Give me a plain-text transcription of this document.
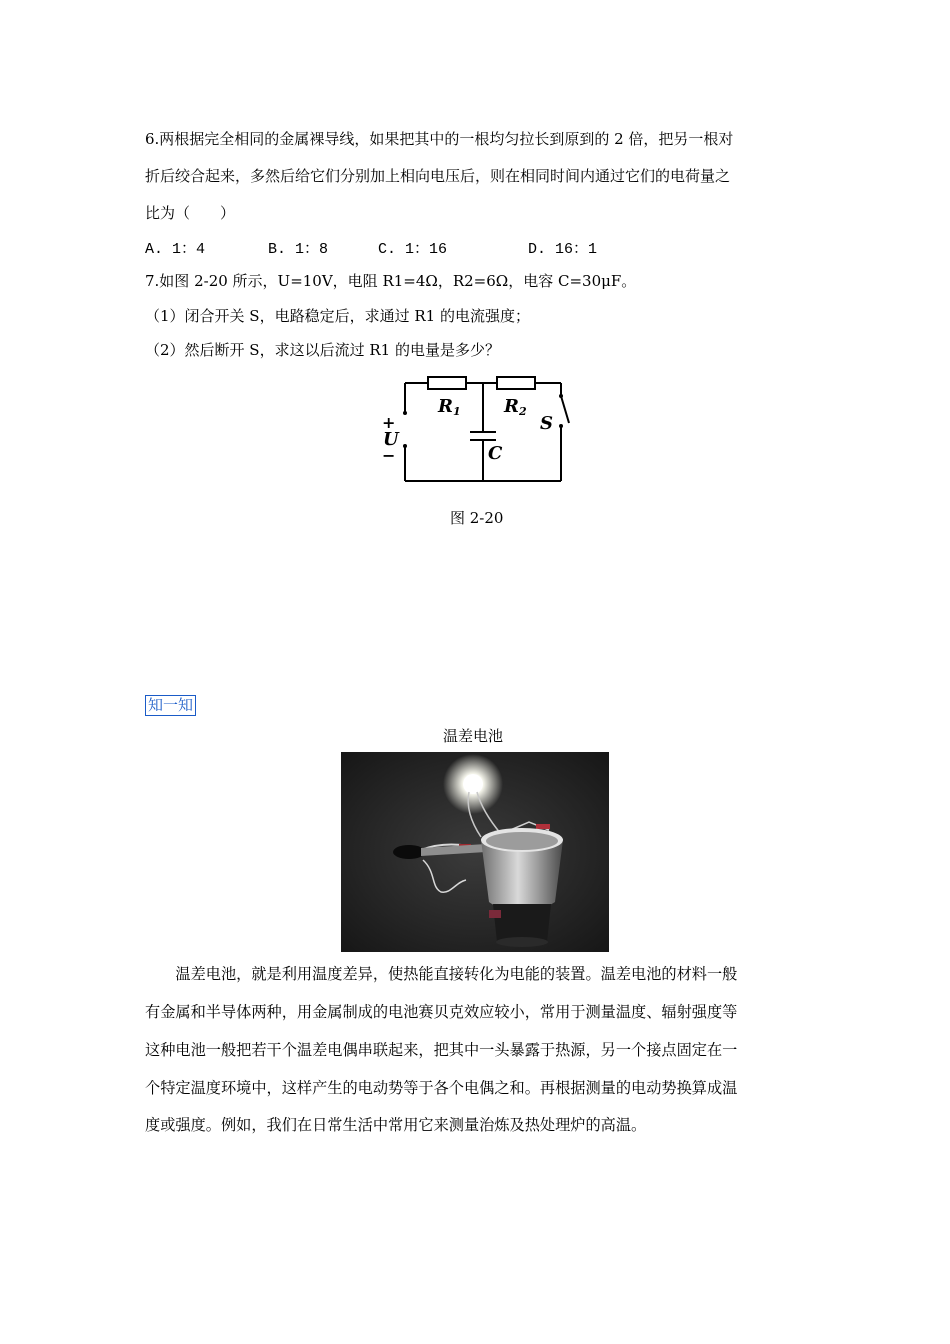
6.两根据完全相同的金属裸导线，如果把其中的一根均匀拉长到原到的 2 倍，把另一根对
折后绞合起来，多然后给它们分别加上相向电压后，则在相同时间内通过它们的电荷量之
比为（　　）
A. 1：4	B. 1：8	C. 1：16	D. 16：1
7.如图 2-20 所示，U=10V，电阻 R1=4Ω，R2=6Ω，电容 C=30μF。
（1）闭合开关 S，电路稳定后，求通过 R1 的电流强度；
（2）然后断开 S，求这以后流过 R1 的电量是多少？
R1 R2
S
U
C
+
−
图 2-20
知一知
温差电池
　　温差电池，就是利用温度差异，使热能直接转化为电能的装置。温差电池的材料一般
有金属和半导体两种，用金属制成的电池赛贝克效应较小，常用于测量温度、辐射强度等
这种电池一般把若干个温差电偶串联起来，把其中一头暴露于热源，另一个接点固定在一
个特定温度环境中，这样产生的电动势等于各个电偶之和。再根据测量的电动势换算成温
度或强度。例如，我们在日常生活中常用它来测量治炼及热处理炉的高温。
